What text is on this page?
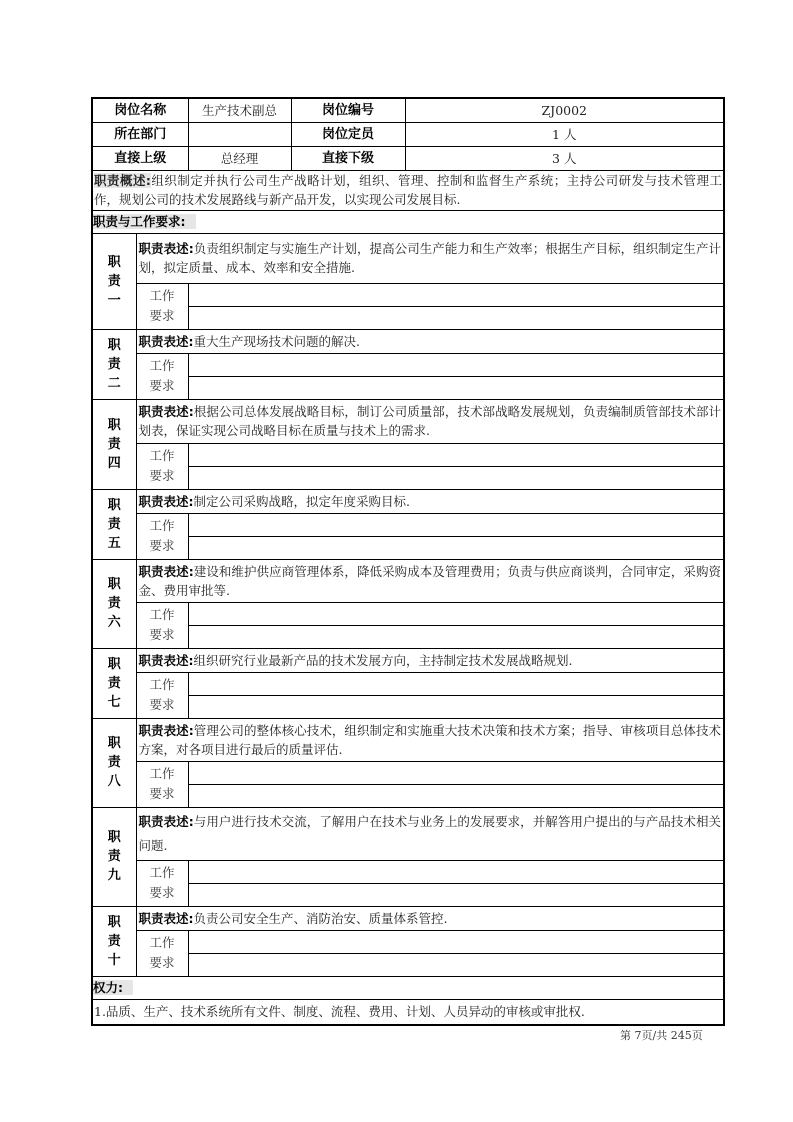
岗位名称		生产技术副总	岗位编号	ZJ0002
所在部门			岗位定员	1 人
直接上级		总经理	直接下级	3 人
职责概述:组织制定并执行公司生产战略计划，组织、管理、控制和监督生产系统；主持公司研发与技术管理工作，规划公司的技术发展路线与新产品开发，以实现公司发展目标.				
职责与工作要求:				
职
责
一	职责表述:负责组织制定与实施生产计划，提高公司生产能力和生产效率；根据生产目标，组织制定生产计划，拟定质量、成本、效率和安全措施.			
	工作
要求			

职
责
二	职责表述:重大生产现场技术问题的解决.			
	工作
要求			

职
责
四	职责表述:根据公司总体发展战略目标，制订公司质量部，技术部战略发展规划，负责编制质管部技术部计划表，保证实现公司战略目标在质量与技术上的需求.			
	工作
要求			

职
责
五	职责表述:制定公司采购战略，拟定年度采购目标.			
	工作
要求			

职
责
六	职责表述:建设和维护供应商管理体系，降低采购成本及管理费用；负责与供应商谈判，合同审定，采购资金、费用审批等.			
	工作
要求			

职
责
七	职责表述:组织研究行业最新产品的技术发展方向，主持制定技术发展战略规划.			
	工作
要求			

职
责
八	职责表述:管理公司的整体核心技术，组织制定和实施重大技术决策和技术方案；指导、审核项目总体技术方案，对各项目进行最后的质量评估.			
	工作
要求			

职
责
九	职责表述:与用户进行技术交流，了解用户在技术与业务上的发展要求，并解答用户提出的与产品技术相关问题.			
	工作
要求			

职
责
十	职责表述:负责公司安全生产、消防治安、质量体系管控.			
	工作
要求			

权力:				
1.品质、生产、技术系统所有文件、制度、流程、费用、计划、人员异动的审核或审批权.				
第 7页/共 245页
